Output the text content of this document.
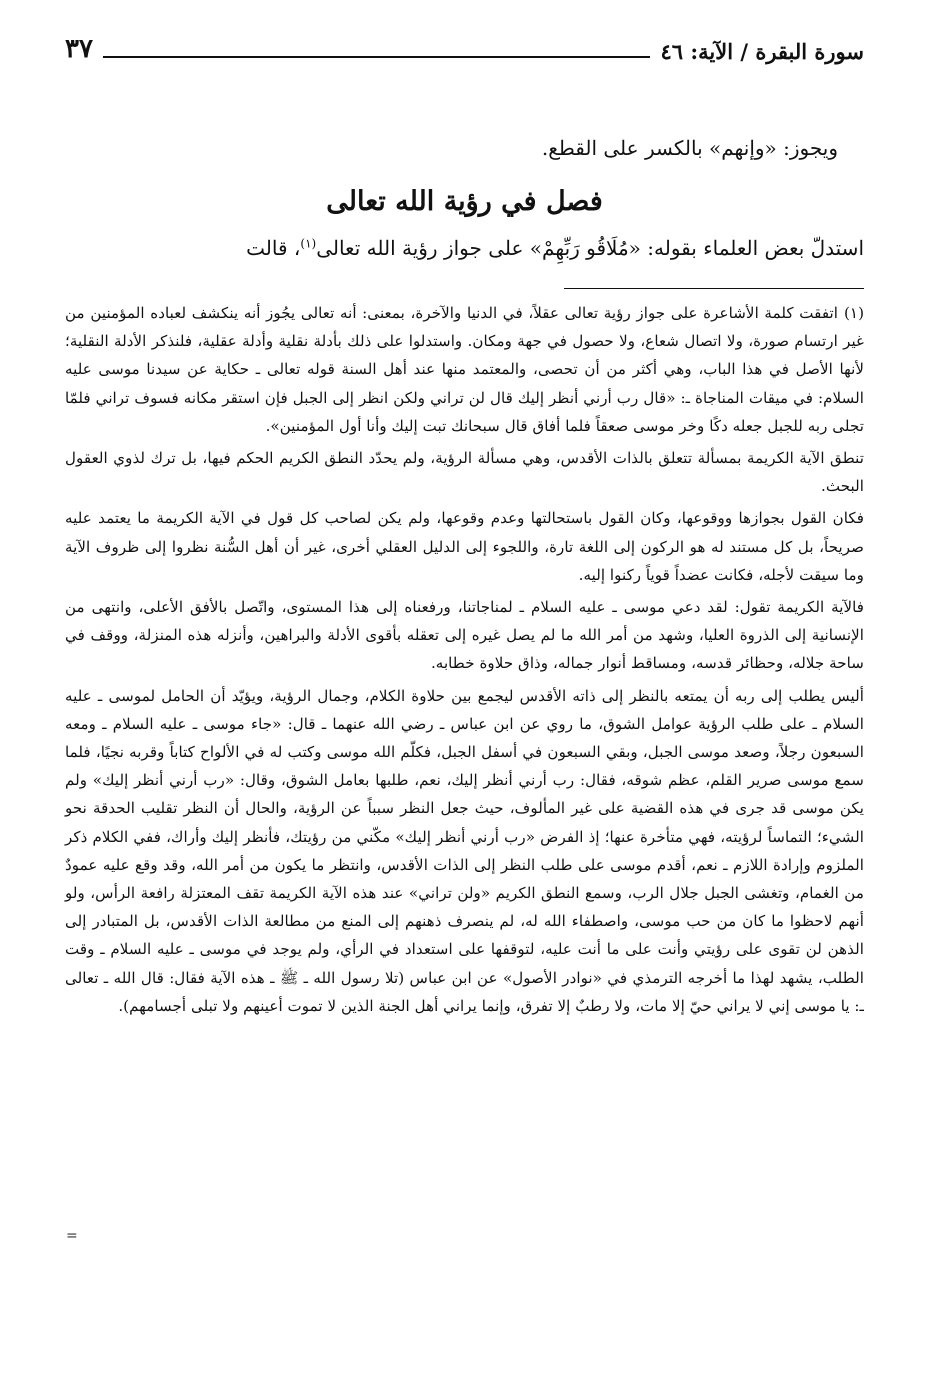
سورة البقرة / الآية: ٤٦
٣٧

ويجوز: «وإنهم» بالكسر على القطع.

فصل في رؤية الله تعالى

استدلّ بعض العلماء بقوله: «مُلَاقُو رَبِّهِمْ» على جواز رؤية الله تعالى$^{(١)}$، قالت

(١)اتفقت كلمة الأشاعرة على جواز رؤية تعالى عقلاً، في الدنيا والآخرة، بمعنى: أنه تعالى يجُوز أنه ينكشف لعباده المؤمنين من غير ارتسام صورة، ولا اتصال شعاع، ولا حصول في جهة ومكان. واستدلوا على ذلك بأدلة نقلية وأدلة عقلية، فلنذكر الأدلة النقلية؛ لأنها الأصل في هذا الباب، وهي أكثر من أن تحصى، والمعتمد منها عند أهل السنة قوله تعالى ـ حكاية عن سيدنا موسى عليه السلام: في ميقات المناجاة ـ: «قال رب أرني أنظر إليك قال لن تراني ولكن انظر إلى الجبل فإن استقر مكانه فسوف تراني فلمّا تجلى ربه للجبل جعله دكًا وخر موسى صعقاً فلما أفاق قال سبحانك تبت إليك وأنا أول المؤمنين».

تنطق الآية الكريمة بمسألة تتعلق بالذات الأقدس، وهي مسألة الرؤية، ولم يحدّد النطق الكريم الحكم فيها، بل ترك لذوي العقول البحث.

فكان القول بجوازها ووقوعها، وكان القول باستحالتها وعدم وقوعها، ولم يكن لصاحب كل قول في الآية الكريمة ما يعتمد عليه صريحاً، بل كل مستند له هو الركون إلى اللغة تارة، واللجوء إلى الدليل العقلي أخرى، غير أن أهل السُّنة نظروا إلى ظروف الآية وما سيقت لأجله، فكانت عضداً قوياً ركنوا إليه.

فالآية الكريمة تقول: لقد دعي موسى ـ عليه السلام ـ لمناجاتنا، ورفعناه إلى هذا المستوى، واتّصل بالأفق الأعلى، وانتهى من الإنسانية إلى الذروة العليا، وشهد من أمر الله ما لم يصل غيره إلى تعقله بأقوى الأدلة والبراهين، وأنزله هذه المنزلة، ووقف في ساحة جلاله، وحظائر قدسه، ومساقط أنوار جماله، وذاق حلاوة خطابه.

أليس يطلب إلى ربه أن يمتعه بالنظر إلى ذاته الأقدس ليجمع بين حلاوة الكلام، وجمال الرؤية، ويؤيّد أن الحامل لموسى ـ عليه السلام ـ على طلب الرؤية عوامل الشوق، ما روي عن ابن عباس ـ رضي الله عنهما ـ قال: «جاء موسى ـ عليه السلام ـ ومعه السبعون رجلاً، وصعد موسى الجبل، وبقي السبعون في أسفل الجبل، فكلّم الله موسى وكتب له في الألواح كتاباً وقربه نجيًا، فلما سمع موسى صرير القلم، عظم شوقه، فقال: رب أرني أنظر إليك، نعم، طلبها بعامل الشوق، وقال: «رب أرني أنظر إليك» ولم يكن موسى قد جرى في هذه القضية على غير المألوف، حيث جعل النظر سبباً عن الرؤية، والحال أن النظر تقليب الحدقة نحو الشيء؛ التماساً لرؤيته، فهي متأخرة عنها؛ إذ الفرض «رب أرني أنظر إليك» مكّني من رؤيتك، فأنظر إليك وأراك، ففي الكلام ذكر الملزوم وإرادة اللازم ـ نعم، أقدم موسى على طلب النظر إلى الذات الأقدس، وانتظر ما يكون من أمر الله، وقد وقع عليه عمودٌ من الغمام، وتغشى الجبل جلال الرب، وسمع النطق الكريم «ولن تراني» عند هذه الآية الكريمة تقف المعتزلة رافعة الرأس، ولو أنهم لاحظوا ما كان من حب موسى، واصطفاء الله له، لم ينصرف ذهنهم إلى المنع من مطالعة الذات الأقدس، بل المتبادر إلى الذهن لن تقوى على رؤيتي وأنت على ما أنت عليه، لتوقفها على استعداد في الرأي، ولم يوجد في موسى ـ عليه السلام ـ وقت الطلب، يشهد لهذا ما أخرجه الترمذي في «نوادر الأصول» عن ابن عباس (تلا رسول الله ـ ﷺ ـ هذه الآية فقال: قال الله ـ تعالى ـ: يا موسى إني لا يراني حيّ إلا مات، ولا رطبٌ إلا تفرق، وإنما يراني أهل الجنة الذين لا تموت أعينهم ولا تبلى أجسامهم).

=
